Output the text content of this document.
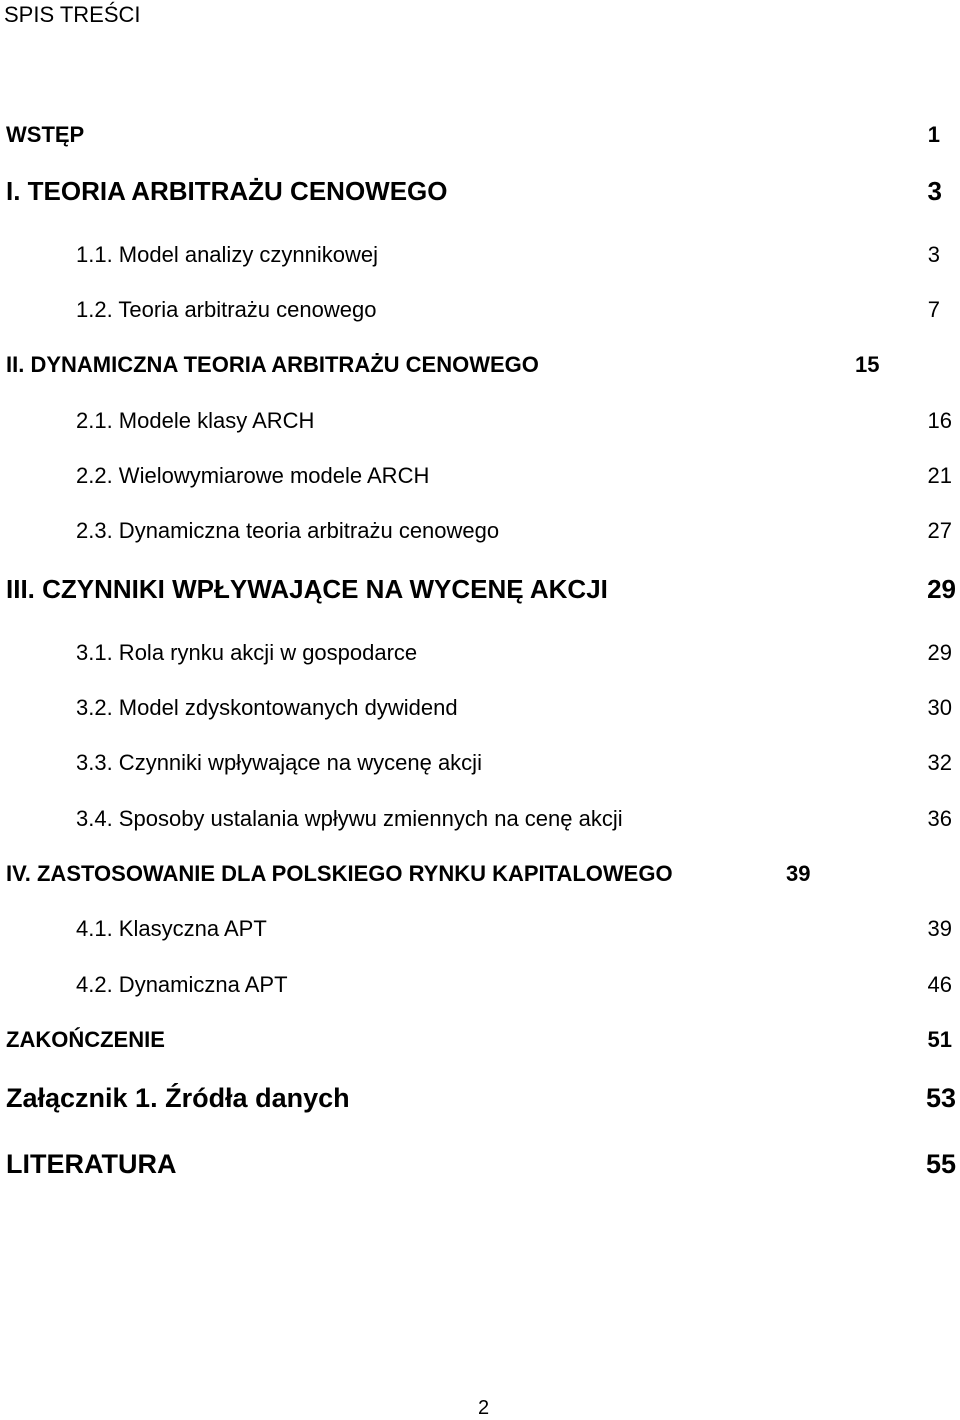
SPIS TREŚCI
WSTĘP	1
I. TEORIA ARBITRAŻU CENOWEGO	3
1.1. Model analizy czynnikowej	3
1.2. Teoria arbitrażu cenowego	7
II. DYNAMICZNA TEORIA ARBITRAŻU CENOWEGO	15
2.1. Modele klasy ARCH	16
2.2. Wielowymiarowe modele ARCH	21
2.3. Dynamiczna teoria arbitrażu cenowego	27
III. CZYNNIKI WPŁYWAJĄCE NA WYCENĘ AKCJI	29
3.1. Rola rynku akcji w gospodarce	29
3.2. Model zdyskontowanych dywidend	30
3.3. Czynniki wpływające na wycenę akcji	32
3.4. Sposoby ustalania wpływu zmiennych na cenę akcji	36
IV. ZASTOSOWANIE DLA POLSKIEGO RYNKU KAPITALOWEGO	39
4.1. Klasyczna APT	39
4.2. Dynamiczna APT	46
ZAKOŃCZENIE	51
Załącznik 1. Źródła danych	53
LITERATURA	55
2
